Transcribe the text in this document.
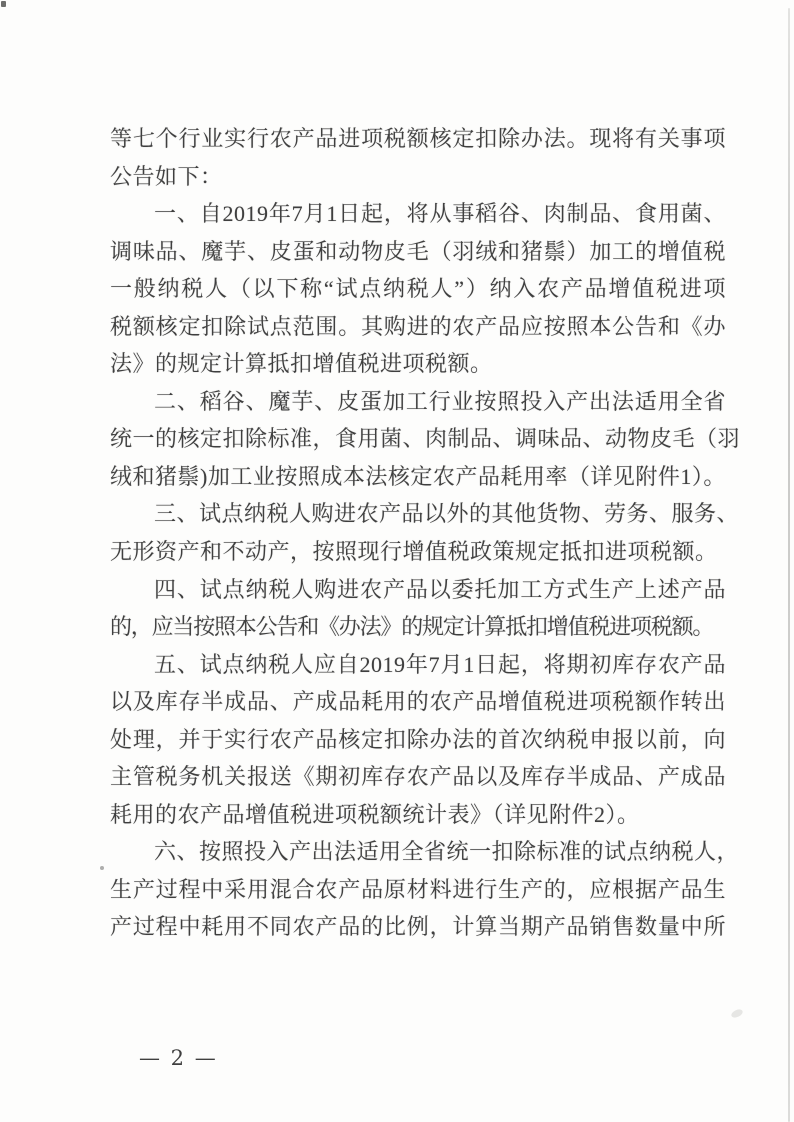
等七个行业实行农产品进项税额核定扣除办法。现将有关事项
公告如下：
一、自2019年7月1日起，将从事稻谷、肉制品、食用菌、
调味品、魔芋、皮蛋和动物皮毛（羽绒和猪鬃）加工的增值税
一般纳税人（以下称“试点纳税人”）纳入农产品增值税进项
税额核定扣除试点范围。其购进的农产品应按照本公告和《办
法》的规定计算抵扣增值税进项税额。
二、稻谷、魔芋、皮蛋加工行业按照投入产出法适用全省
统一的核定扣除标准，食用菌、肉制品、调味品、动物皮毛（羽
绒和猪鬃)加工业按照成本法核定农产品耗用率（详见附件1）。
三、试点纳税人购进农产品以外的其他货物、劳务、服务、
无形资产和不动产，按照现行增值税政策规定抵扣进项税额。
四、试点纳税人购进农产品以委托加工方式生产上述产品
的，应当按照本公告和《办法》的规定计算抵扣增值税进项税额。
五、试点纳税人应自2019年7月1日起，将期初库存农产品
以及库存半成品、产成品耗用的农产品增值税进项税额作转出
处理，并于实行农产品核定扣除办法的首次纳税申报以前，向
主管税务机关报送《期初库存农产品以及库存半成品、产成品
耗用的农产品增值税进项税额统计表》（详见附件2）。
六、按照投入产出法适用全省统一扣除标准的试点纳税人，
生产过程中采用混合农产品原材料进行生产的，应根据产品生
产过程中耗用不同农产品的比例，计算当期产品销售数量中所
— 2 —
